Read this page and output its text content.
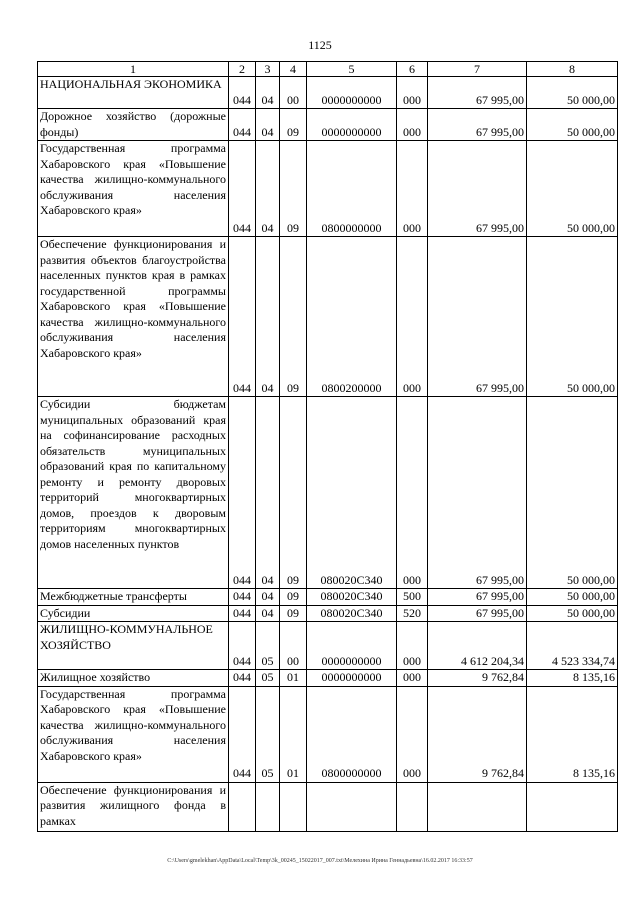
1125
1	2	3	4	5	6	7	8
НАЦИОНАЛЬНАЯ ЭКОНОМИКА	044	04	00	0000000000	000	67 995,00	50 000,00
Дорожное хозяйство (дорожные фонды)	044	04	09	0000000000	000	67 995,00	50 000,00
Государственная программа Хабаровского края «Повышение качества жилищно-коммунального обслуживания населения Хабаровского края»	044	04	09	0800000000	000	67 995,00	50 000,00
Обеспечение функционирования и развития объектов благоустройства населенных пунктов края в рамках государственной программы Хабаровского края «Повышение качества жилищно-коммунального обслуживания населения Хабаровского края»	044	04	09	0800200000	000	67 995,00	50 000,00
Субсидии бюджетам муниципальных образований края на софинансирование расходных обязательств муниципальных образований края по капитальному ремонту и ремонту дворовых территорий многоквартирных домов, проездов к дворовым территориям многоквартирных домов населенных пунктов	044	04	09	080020С340	000	67 995,00	50 000,00
Межбюджетные трансферты	044	04	09	080020С340	500	67 995,00	50 000,00
Субсидии	044	04	09	080020С340	520	67 995,00	50 000,00
ЖИЛИЩНО-КОММУНАЛЬНОЕ ХОЗЯЙСТВО	044	05	00	0000000000	000	4 612 204,34	4 523 334,74
Жилищное хозяйство	044	05	01	0000000000	000	9 762,84	8 135,16
Государственная программа Хабаровского края «Повышение качества жилищно-коммунального обслуживания населения Хабаровского края»	044	05	01	0800000000	000	9 762,84	8 135,16
Обеспечение функционирования и развития жилищного фонда в рамках							
C:\Users\gmelekhan\AppData\Local\Temp\3k_00245_15022017_007.txt\Мелехина Ирина Геннадьевна\16.02.2017 16:33:57
